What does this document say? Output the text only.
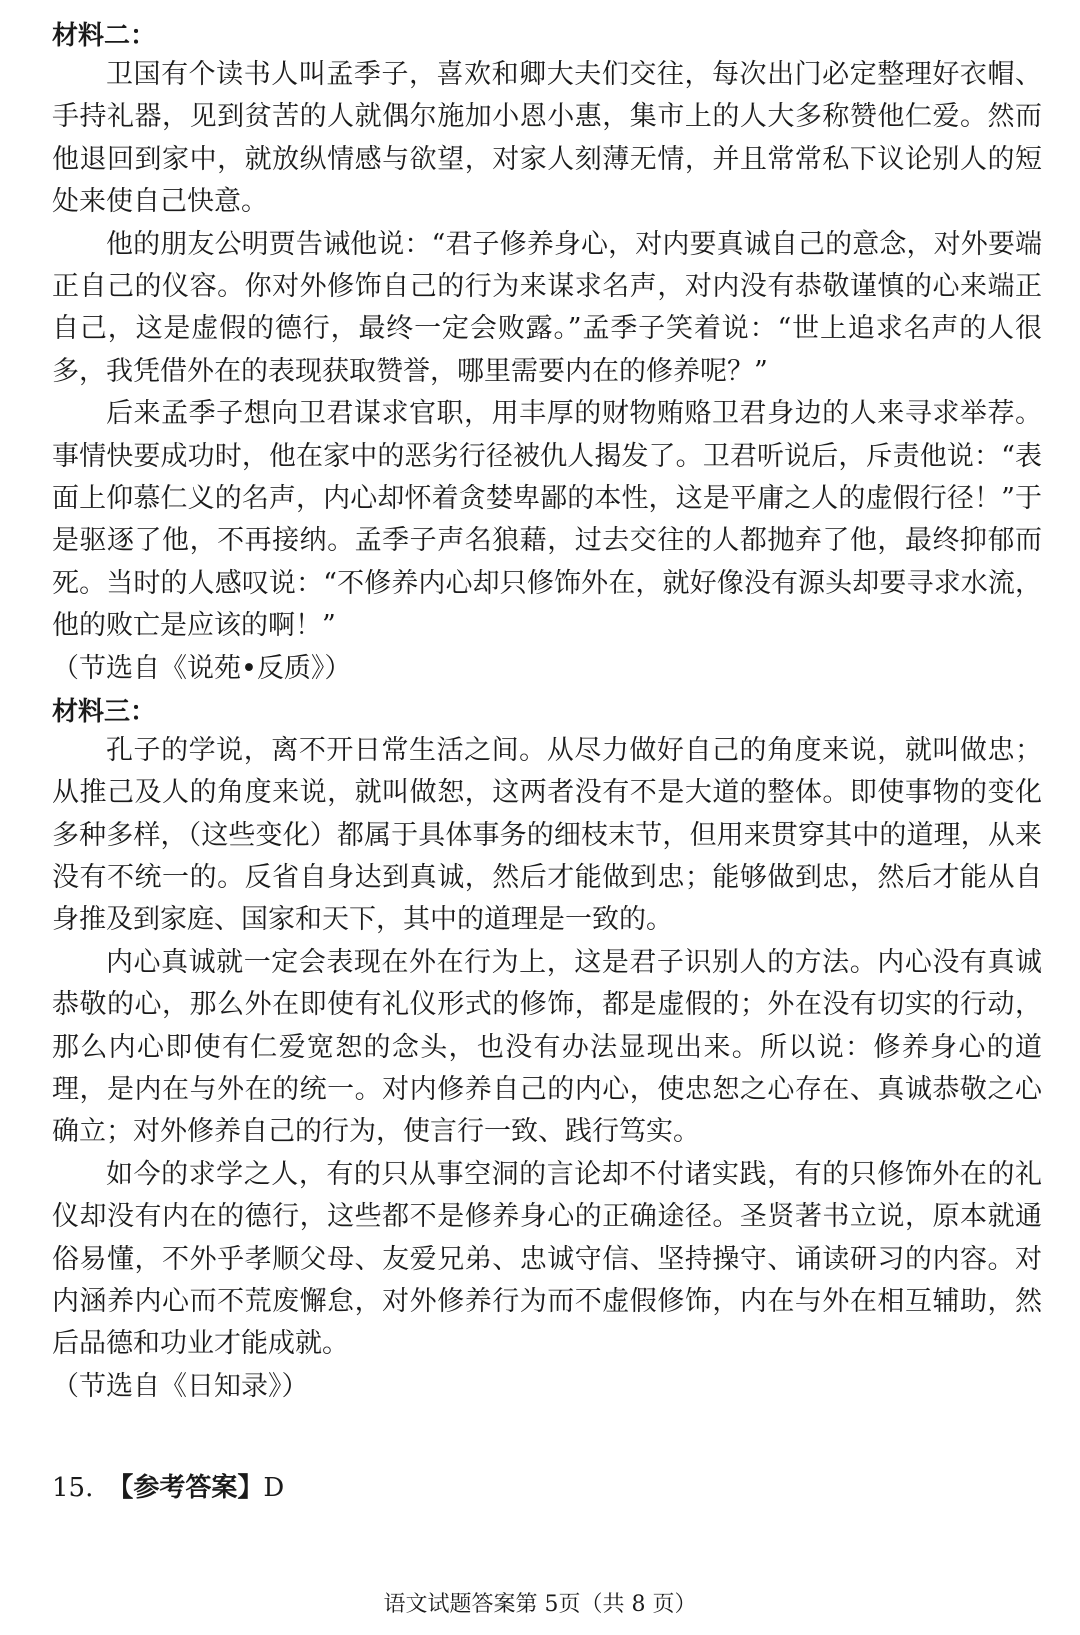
材料二：

卫国有个读书人叫孟季子，喜欢和卿大夫们交往，每次出门必定整理好衣帽、手持礼器，见到贫苦的人就偶尔施加小恩小惠，集市上的人大多称赞他仁爱。然而他退回到家中，就放纵情感与欲望，对家人刻薄无情，并且常常私下议论别人的短处来使自己快意。

他的朋友公明贾告诫他说：“君子修养身心，对内要真诚自己的意念，对外要端正自己的仪容。你对外修饰自己的行为来谋求名声，对内没有恭敬谨慎的心来端正自己，这是虚假的德行，最终一定会败露。”孟季子笑着说：“世上追求名声的人很多，我凭借外在的表现获取赞誉，哪里需要内在的修养呢？”

后来孟季子想向卫君谋求官职，用丰厚的财物贿赂卫君身边的人来寻求举荐。事情快要成功时，他在家中的恶劣行径被仇人揭发了。卫君听说后，斥责他说：“表面上仰慕仁义的名声，内心却怀着贪婪卑鄙的本性，这是平庸之人的虚假行径！”于是驱逐了他，不再接纳。孟季子声名狼藉，过去交往的人都抛弃了他，最终抑郁而死。当时的人感叹说：“不修养内心却只修饰外在，就好像没有源头却要寻求水流，他的败亡是应该的啊！”

（节选自《说苑•反质》）

材料三：

孔子的学说，离不开日常生活之间。从尽力做好自己的角度来说，就叫做忠；从推己及人的角度来说，就叫做恕，这两者没有不是大道的整体。即使事物的变化多种多样，（这些变化）都属于具体事务的细枝末节，但用来贯穿其中的道理，从来没有不统一的。反省自身达到真诚，然后才能做到忠；能够做到忠，然后才能从自身推及到家庭、国家和天下，其中的道理是一致的。

内心真诚就一定会表现在外在行为上，这是君子识别人的方法。内心没有真诚恭敬的心，那么外在即使有礼仪形式的修饰，都是虚假的；外在没有切实的行动，那么内心即使有仁爱宽恕的念头，也没有办法显现出来。所以说：修养身心的道理，是内在与外在的统一。对内修养自己的内心，使忠恕之心存在、真诚恭敬之心确立；对外修养自己的行为，使言行一致、践行笃实。

如今的求学之人，有的只从事空洞的言论却不付诸实践，有的只修饰外在的礼仪却没有内在的德行，这些都不是修养身心的正确途径。圣贤著书立说，原本就通俗易懂，不外乎孝顺父母、友爱兄弟、忠诚守信、坚持操守、诵读研习的内容。对内涵养内心而不荒废懈怠，对外修养行为而不虚假修饰，内在与外在相互辅助，然后品德和功业才能成就。

（节选自《日知录》）

15. 【参考答案】D

语文试题答案第 5页（共 8 页）
